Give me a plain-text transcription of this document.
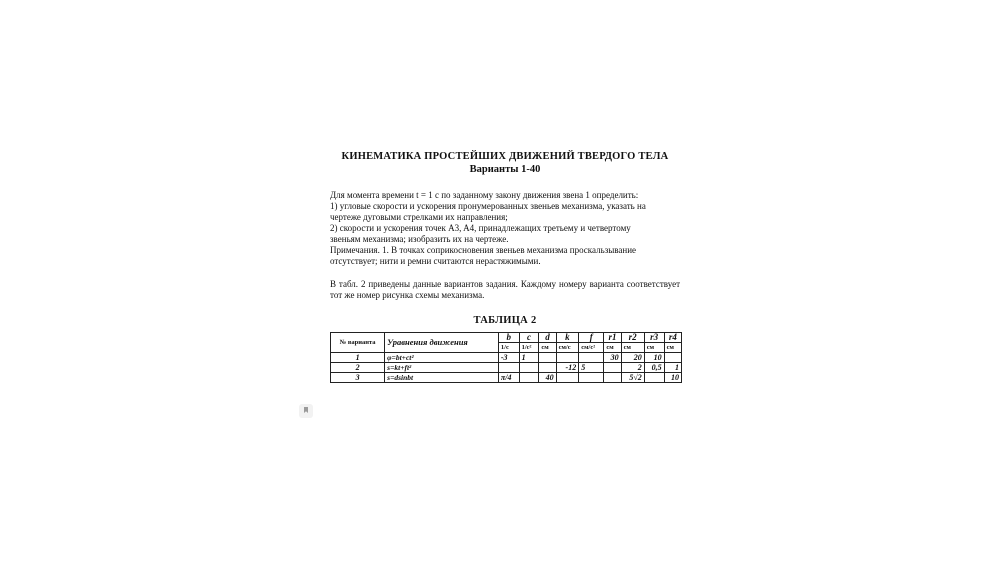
КИНЕМАТИКА ПРОСТЕЙШИХ ДВИЖЕНИЙ ТВЕРДОГО ТЕЛА
Варианты 1-40

Для момента времени t = 1 c по заданному закону движения звена 1 определить:

1) угловые скорости и ускорения пронумерованных звеньев механизма, указать на

чертеже дуговыми стрелками их направления;

2) скорости и ускорения точек A3, A4, принадлежащих третьему и четвертому

звеньям механизма; изобразить их на чертеже.

Примечания. 1. В точках соприкосновения звеньев механизма проскальзывание

отсутствует; нити и ремни считаются нерастяжимыми.

В табл. 2 приведены данные вариантов задания. Каждому номеру варианта соответствует тот же номер рисунка схемы механизма.
ТАБЛИЦА 2
№ варианта	Уравнения движения	b	c	d	k	f	r1	r2	r3	r4
		1/c	1/c²	см	см/с	см/с²	см	см	см	см
1	φ=bt+ct²	-3	1				30	20	10	
2	s=kt+ft²				-12	5		2	0,5	1
3	s=dsinbt	π/4		40				5√2		10
